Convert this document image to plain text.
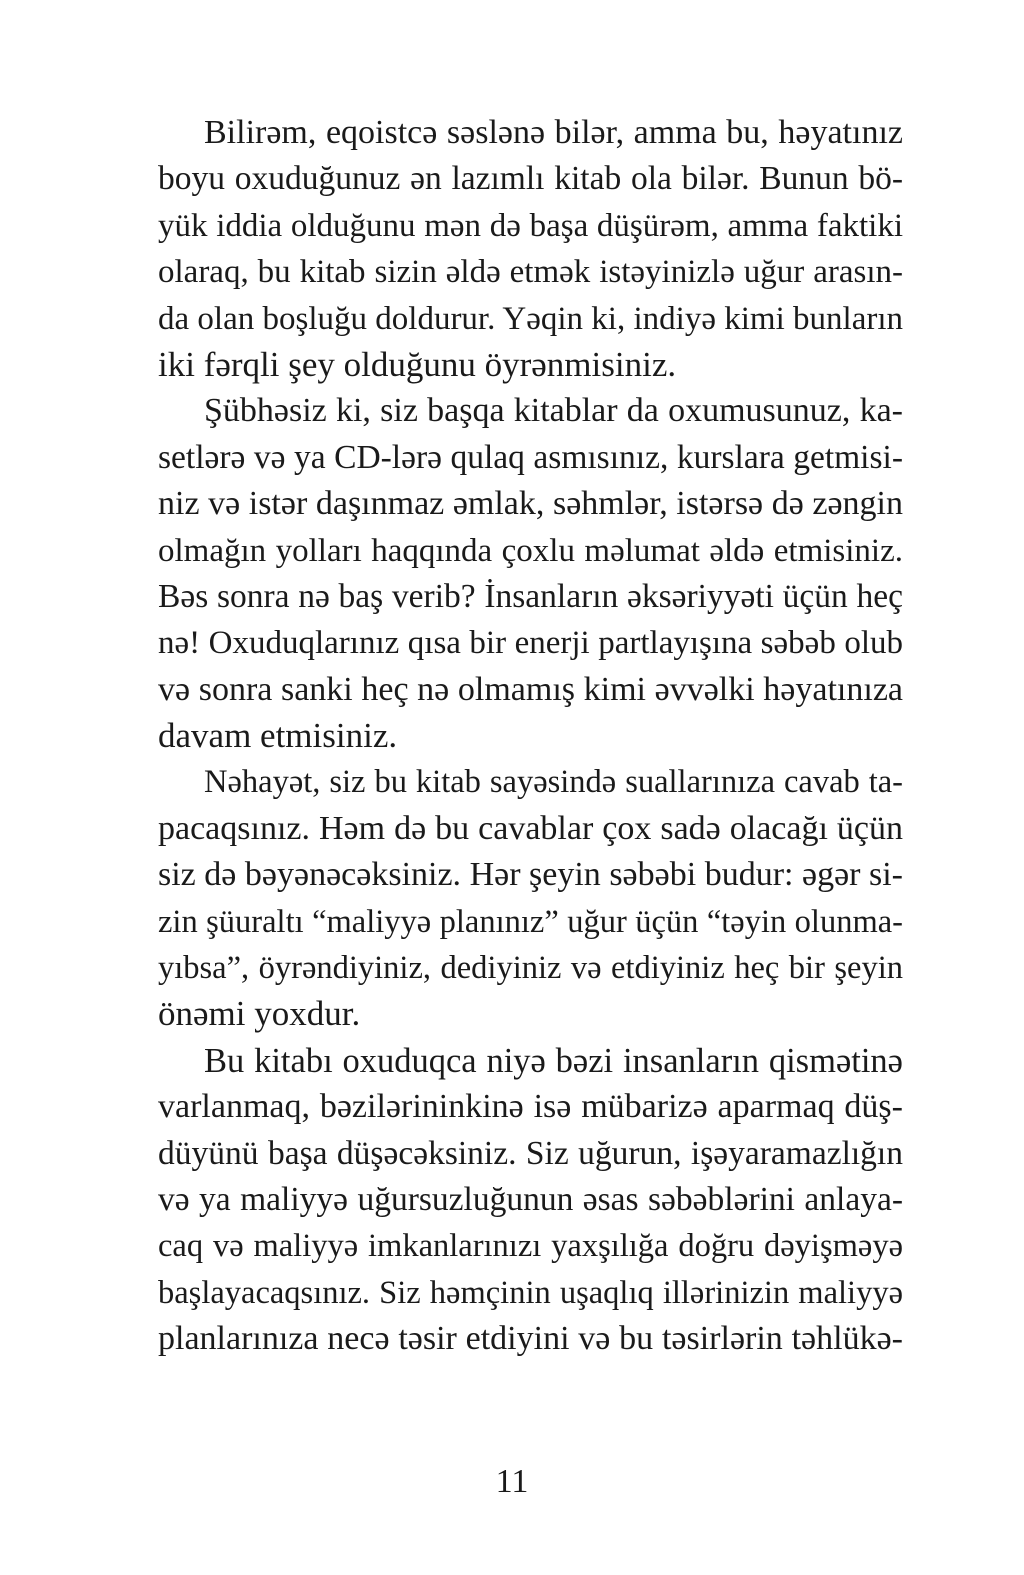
Bilirəm, eqoistcə səslənə bilər, amma bu, həyatınız
boyu oxuduğunuz ən lazımlı kitab ola bilər. Bunun bö-
yük iddia olduğunu mən də başa düşürəm, amma faktiki
olaraq, bu kitab sizin əldə etmək istəyinizlə uğur arasın-
da olan boşluğu doldurur. Yəqin ki, indiyə kimi bunların
iki fərqli şey olduğunu öyrənmisiniz.
Şübhəsiz ki, siz başqa kitablar da oxumusunuz, ka-
setlərə və ya CD-lərə qulaq asmısınız, kurslara getmisi-
niz və istər daşınmaz əmlak, səhmlər, istərsə də zəngin
olmağın yolları haqqında çoxlu məlumat əldə etmisiniz.
Bəs sonra nə baş verib? İnsanların əksəriyyəti üçün heç
nə! Oxuduqlarınız qısa bir enerji partlayışına səbəb olub
və sonra sanki heç nə olmamış kimi əvvəlki həyatınıza
davam etmisiniz.
Nəhayət, siz bu kitab sayəsində suallarınıza cavab ta-
pacaqsınız. Həm də bu cavablar çox sadə olacağı üçün
siz də bəyənəcəksiniz. Hər şeyin səbəbi budur: əgər si-
zin şüuraltı “maliyyə planınız” uğur üçün “təyin olunma-
yıbsa”, öyrəndiyiniz, dediyiniz və etdiyiniz heç bir şeyin
önəmi yoxdur.
Bu kitabı oxuduqca niyə bəzi insanların qismətinə
varlanmaq, bəzilərininkinə isə mübarizə aparmaq düş-
düyünü başa düşəcəksiniz. Siz uğurun, işəyaramazlığın
və ya maliyyə uğursuzluğunun əsas səbəblərini anlaya-
caq və maliyyə imkanlarınızı yaxşılığa doğru dəyişməyə
başlayacaqsınız. Siz həmçinin uşaqlıq illərinizin maliyyə
planlarınıza necə təsir etdiyini və bu təsirlərin təhlükə-
11
